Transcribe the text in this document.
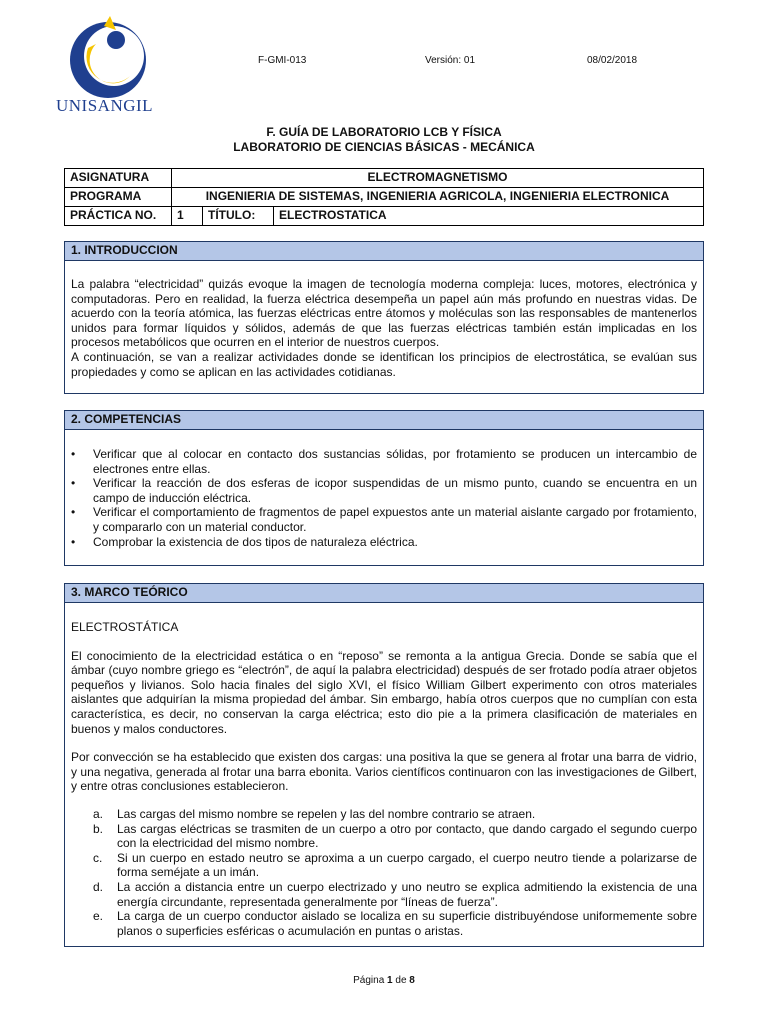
UNISANGIL
F-GMI-013	Versión: 01	08/02/2018
F. GUÍA DE LABORATORIO LCB Y FÍSICA
LABORATORIO DE CIENCIAS BÁSICAS - MECÁNICA
ASIGNATURA	ELECTROMAGNETISMO		
PROGRAMA	INGENIERIA DE SISTEMAS, INGENIERIA AGRICOLA, INGENIERIA ELECTRONICA		
PRÁCTICA NO.	1	TÍTULO:	ELECTROSTATICA
1. INTRODUCCION

La palabra “electricidad” quizás evoque la imagen de tecnología moderna compleja: luces, motores, electrónica y computadoras. Pero en realidad, la fuerza eléctrica desempeña un papel aún más profundo en nuestras vidas. De acuerdo con la teoría atómica, las fuerzas eléctricas entre átomos y moléculas son las responsables de mantenerlos unidos para formar líquidos y sólidos, además de que las fuerzas eléctricas también están implicadas en los procesos metabólicos que ocurren en el interior de nuestros cuerpos.

A continuación, se van a realizar actividades donde se identifican los principios de electrostática, se evalúan sus propiedades y como se aplican en las actividades cotidianas.

2. COMPETENCIAS
• Verificar que al colocar en contacto dos sustancias sólidas, por frotamiento se producen un intercambio de electrones entre ellas.
• Verificar la reacción de dos esferas de icopor suspendidas de un mismo punto, cuando se encuentra en un campo de inducción eléctrica.
• Verificar el comportamiento de fragmentos de papel expuestos ante un material aislante cargado por frotamiento, y compararlo con un material conductor.
• Comprobar la existencia de dos tipos de naturaleza eléctrica.
3. MARCO TEÓRICO

ELECTROSTÁTICA

El conocimiento de la electricidad estática o en “reposo” se remonta a la antigua Grecia. Donde se sabía que el ámbar (cuyo nombre griego es “electrón”, de aquí la palabra electricidad) después de ser frotado podía atraer objetos pequeños y livianos. Solo hacia finales del siglo XVI, el físico William Gilbert experimento con otros materiales aislantes que adquirían la misma propiedad del ámbar. Sin embargo, había otros cuerpos que no cumplían con esta característica, es decir, no conservan la carga eléctrica; esto dio pie a la primera clasificación de materiales en buenos y malos conductores.

Por convección se ha establecido que existen dos cargas: una positiva la que se genera al frotar una barra de vidrio, y una negativa, generada al frotar una barra ebonita. Varios científicos continuaron con las investigaciones de Gilbert, y entre otras conclusiones establecieron.

a. Las cargas del mismo nombre se repelen y las del nombre contrario se atraen.
b. Las cargas eléctricas se trasmiten de un cuerpo a otro por contacto, que dando cargado el segundo cuerpo con la electricidad del mismo nombre.
c. Si un cuerpo en estado neutro se aproxima a un cuerpo cargado, el cuerpo neutro tiende a polarizarse de forma seméjate a un imán.
d. La acción a distancia entre un cuerpo electrizado y uno neutro se explica admitiendo la existencia de una energía circundante, representada generalmente por “líneas de fuerza”.
e. La carga de un cuerpo conductor aislado se localiza en su superficie distribuyéndose uniformemente sobre planos o superficies esféricas o acumulación en puntas o aristas.
Página 1 de 8
